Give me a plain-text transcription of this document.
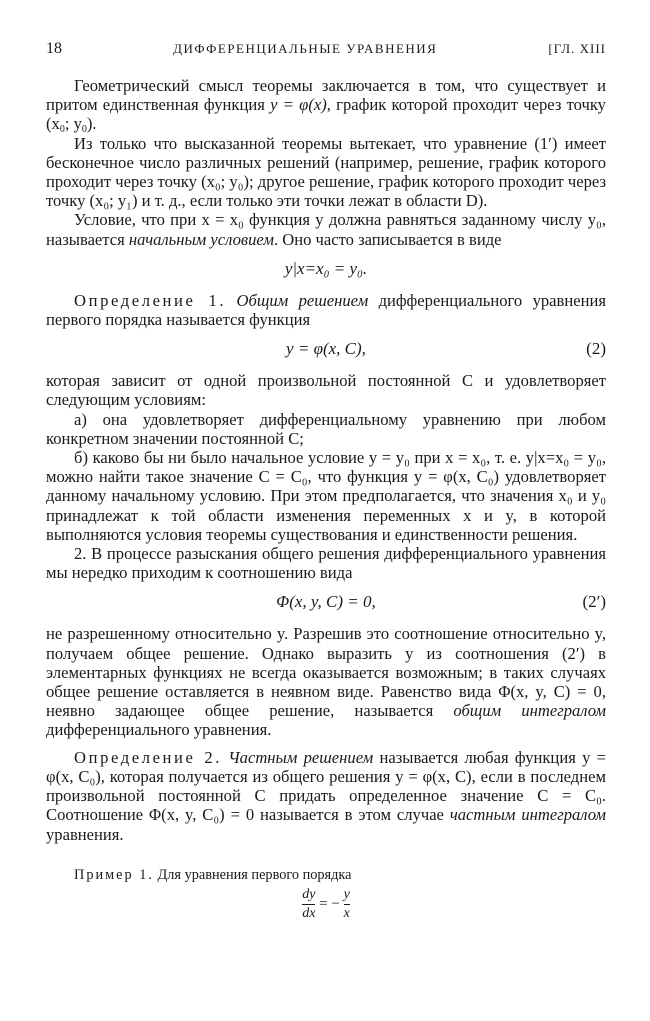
18	ДИФФЕРЕНЦИАЛЬНЫЕ УРАВНЕНИЯ	[ГЛ. XIII

Геометрический смысл теоремы заключается в том, что существует и притом единственная функция y = φ(x), график которой проходит через точку ($x_0$; $y_0$).

Из только что высказанной теоремы вытекает, что уравнение (1′) имеет бесконечное число различных решений (например, решение, график которого проходит через точку (x₀; y₀); другое решение, график которого проходит через точку (x₀; y₁) и т. д., если только эти точки лежат в области D).

Условие, что при x = x₀ функция y должна равняться заданному числу y₀, называется начальным условием. Оно часто записывается в виде

y|x=x₀ = y₀.

Определение 1. Общим решением дифференциального уравнения первого порядка называется функция

y = φ(x, C),	(2)

которая зависит от одной произвольной постоянной C и удовлетворяет следующим условиям:

а) она удовлетворяет дифференциальному уравнению при любом конкретном значении постоянной C;

б) каково бы ни было начальное условие y = y₀ при x = x₀, т. е. y|x=x₀ = y₀, можно найти такое значение C = C₀, что функция y = φ(x, C₀) удовлетворяет данному начальному условию. При этом предполагается, что значения x₀ и y₀ принадлежат к той области изменения переменных x и y, в которой выполняются условия теоремы существования и единственности решения.

2. В процессе разыскания общего решения дифференциального уравнения мы нередко приходим к соотношению вида

Φ(x, y, C) = 0,	(2′)

не разрешенному относительно y. Разрешив это соотношение относительно y, получаем общее решение. Однако выразить y из соотношения (2′) в элементарных функциях не всегда оказывается возможным; в таких случаях общее решение оставляется в неявном виде. Равенство вида Φ(x, y, C) = 0, неявно задающее общее решение, называется общим интегралом дифференциального уравнения.

Определение 2. Частным решением называется любая функция y = φ(x, C₀), которая получается из общего решения y = φ(x, C), если в последнем произвольной постоянной C придать определенное значение C = C₀. Соотношение Φ(x, y, C₀) = 0 называется в этом случае частным интегралом уравнения.

Пример 1. Для уравнения первого порядка

$\frac{dy}{dx}$ = − $\frac{y}{x}$
